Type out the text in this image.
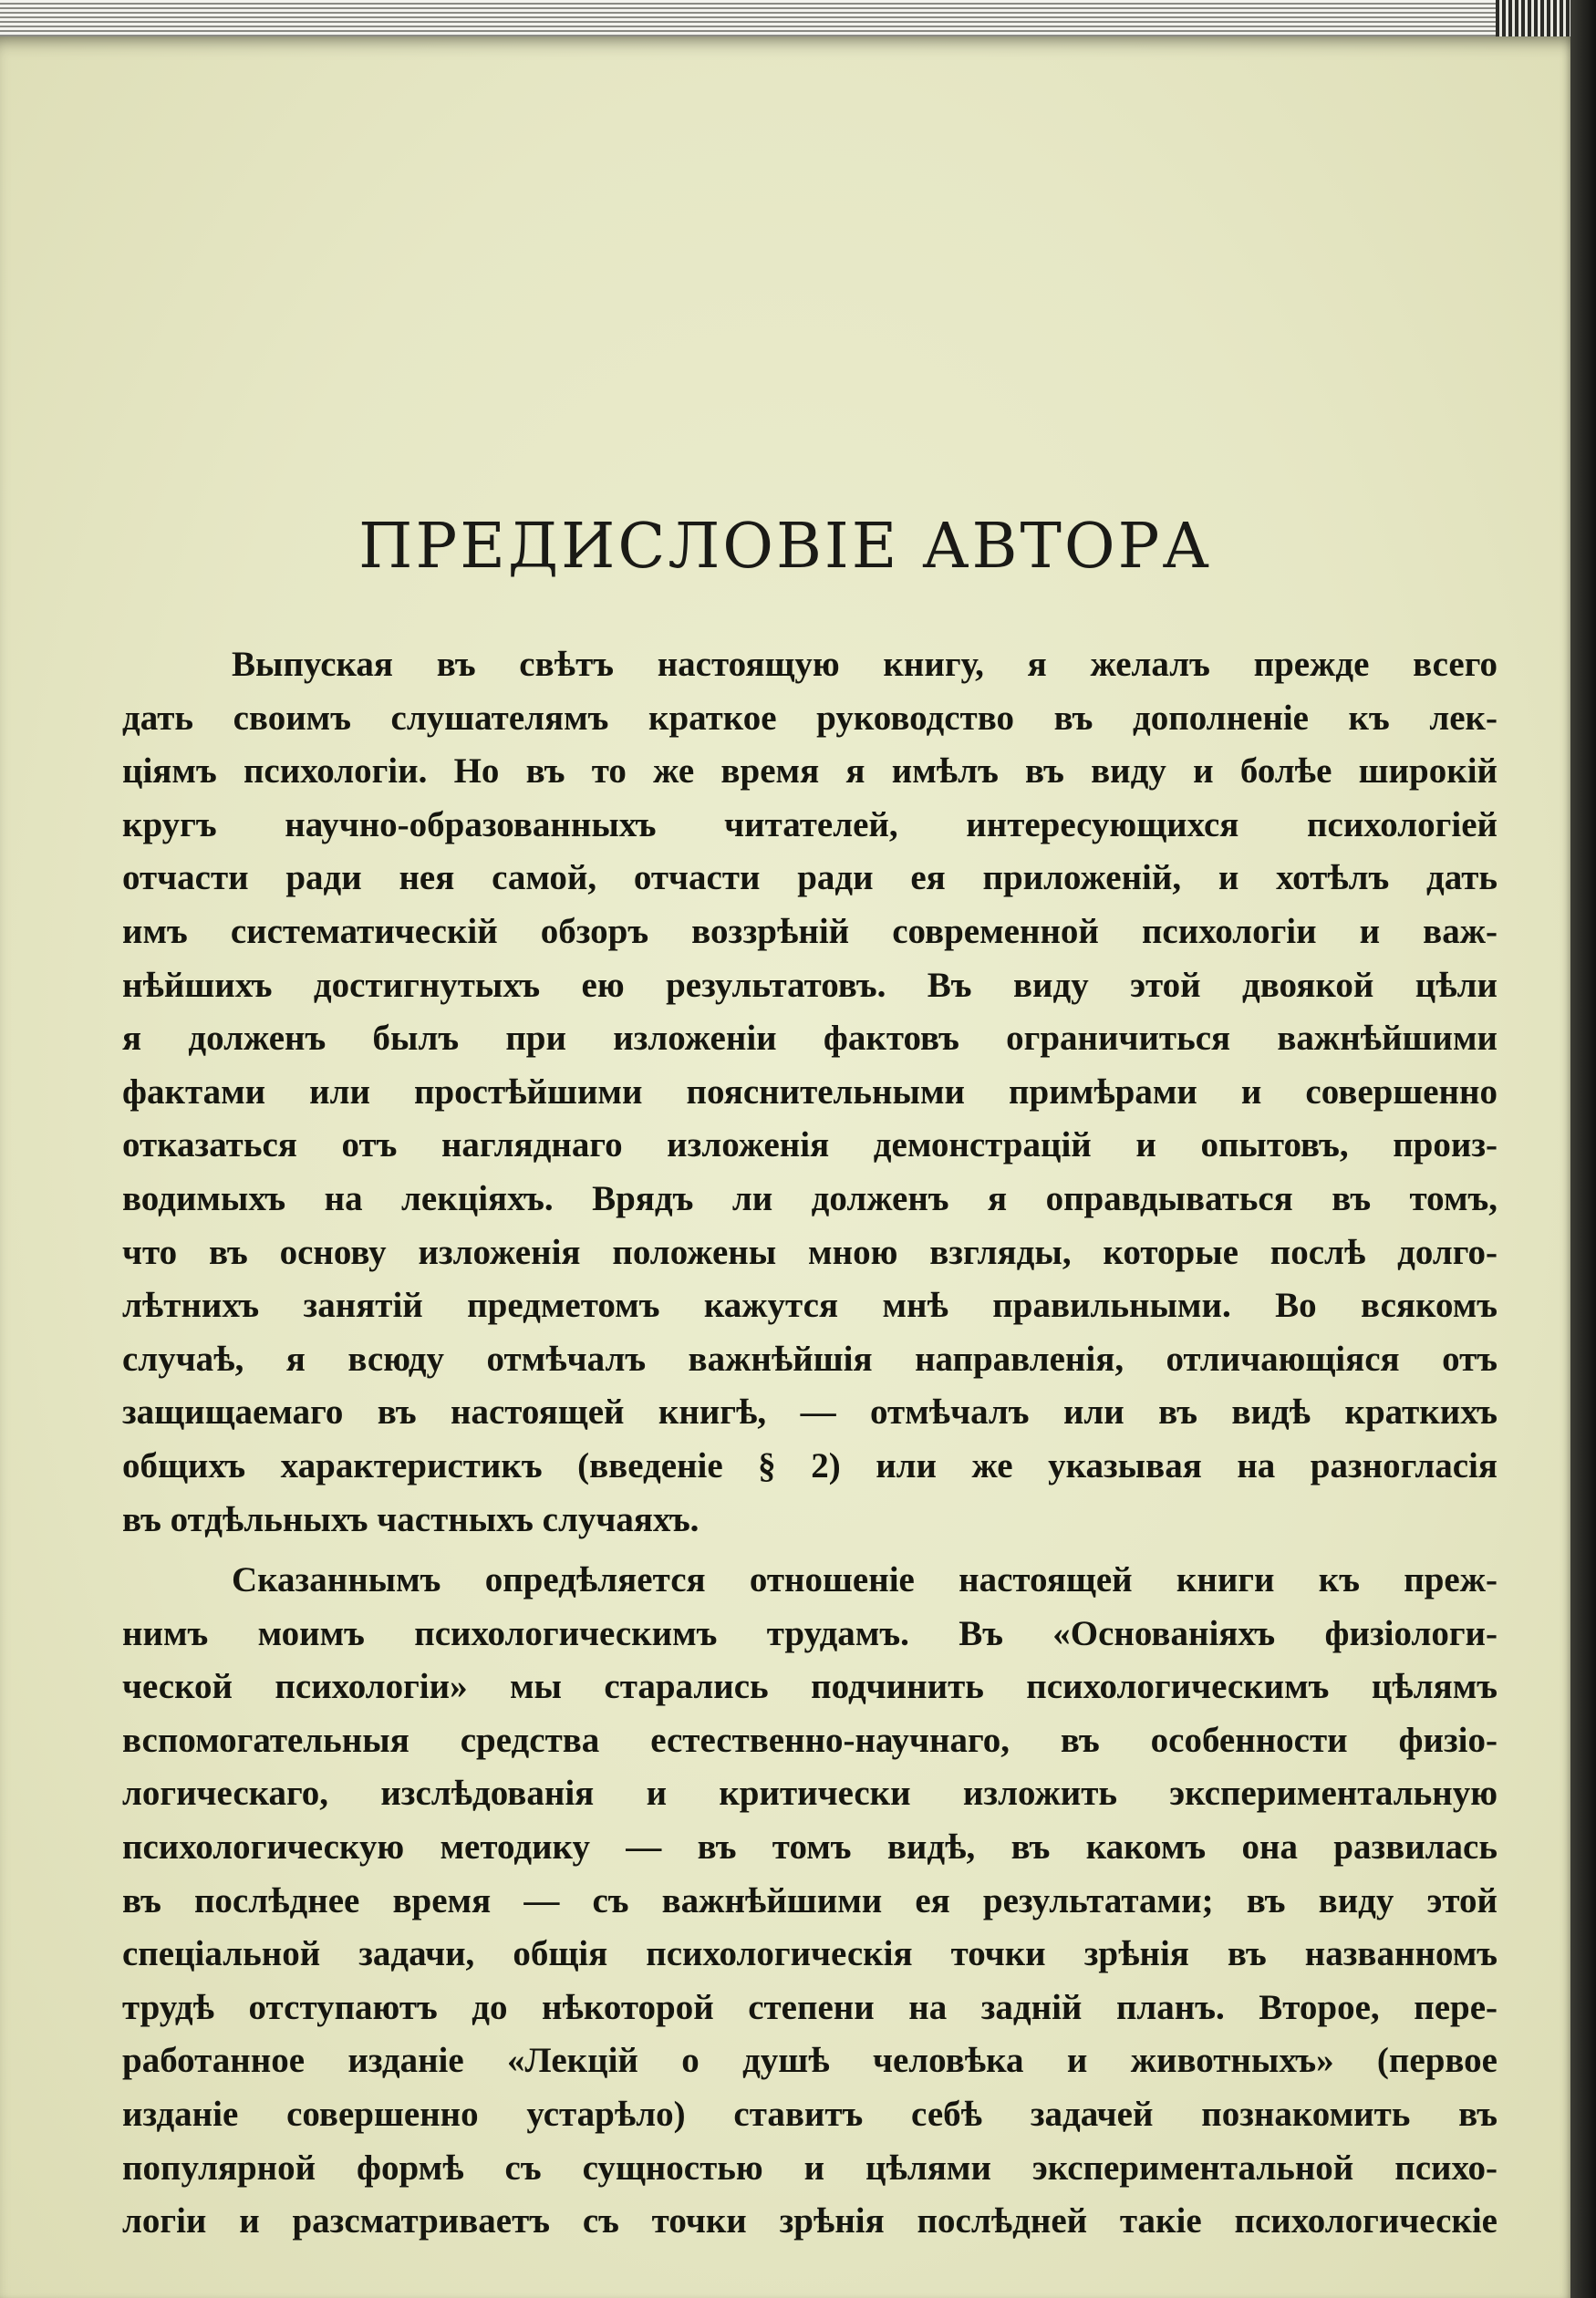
ПРЕДИСЛОВІЕ АВТОРА
Выпуская въ свѣтъ настоящую книгу, я желалъ прежде всего
дать своимъ слушателямъ краткое руководство въ дополненіе къ лек-
ціямъ психологіи. Но въ то же время я имѣлъ въ виду и болѣе широкій
кругъ научно-образованныхъ читателей, интересующихся психологіей
отчасти ради нея самой, отчасти ради ея приложеній, и хотѣлъ дать
имъ систематическій обзоръ воззрѣній современной психологіи и важ-
нѣйшихъ достигнутыхъ ею результатовъ. Въ виду этой двоякой цѣли
я долженъ былъ при изложеніи фактовъ ограничиться важнѣйшими
фактами или простѣйшими пояснительными примѣрами и совершенно
отказаться отъ нагляднаго изложенія демонстрацій и опытовъ, произ-
водимыхъ на лекціяхъ. Врядъ ли долженъ я оправдываться въ томъ,
что въ основу изложенія положены мною взгляды, которые послѣ долго-
лѣтнихъ занятій предметомъ кажутся мнѣ правильными. Во всякомъ
случаѣ, я всюду отмѣчалъ важнѣйшія направленія, отличающіяся отъ
защищаемаго въ настоящей книгѣ, — отмѣчалъ или въ видѣ краткихъ
общихъ характеристикъ (введеніе § 2) или же указывая на разногласія
въ отдѣльныхъ частныхъ случаяхъ.
Сказаннымъ опредѣляется отношеніе настоящей книги къ преж-
нимъ моимъ психологическимъ трудамъ. Въ «Основаніяхъ физіологи-
ческой психологіи» мы старались подчинить психологическимъ цѣлямъ
вспомогательныя средства естественно-научнаго, въ особенности физіо-
логическаго, изслѣдованія и критически изложить экспериментальную
психологическую методику — въ томъ видѣ, въ какомъ она развилась
въ послѣднее время — съ важнѣйшими ея результатами; въ виду этой
спеціальной задачи, общія психологическія точки зрѣнія въ названномъ
трудѣ отступаютъ до нѣкоторой степени на задній планъ. Второе, пере-
работанное изданіе «Лекцій о душѣ человѣка и животныхъ» (первое
изданіе совершенно устарѣло) ставитъ себѣ задачей познакомить въ
популярной формѣ съ сущностью и цѣлями экспериментальной психо-
логіи и разсматриваетъ съ точки зрѣнія послѣдней такіе психологическіе
